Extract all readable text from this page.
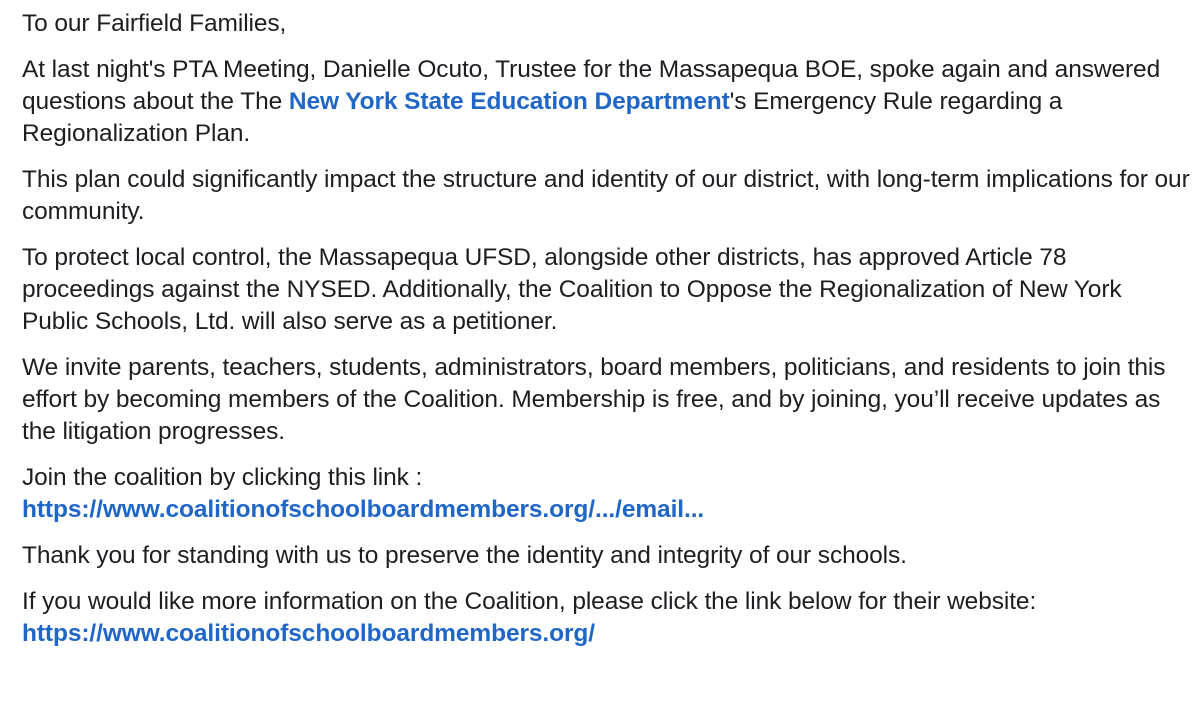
To our Fairfield Families,

At last night's PTA Meeting, Danielle Ocuto, Trustee for the Massapequa BOE, spoke again and answered questions about the The New York State Education Department's Emergency Rule regarding a Regionalization Plan.

This plan could significantly impact the structure and identity of our district, with long-term implications for our community.

To protect local control, the Massapequa UFSD, alongside other districts, has approved Article 78 proceedings against the NYSED. Additionally, the Coalition to Oppose the Regionalization of New York Public Schools, Ltd. will also serve as a petitioner.

We invite parents, teachers, students, administrators, board members, politicians, and residents to join this effort by becoming members of the Coalition. Membership is free, and by joining, you’ll receive updates as the litigation progresses.

Join the coalition by clicking this link :
https://www.coalitionofschoolboardmembers.org/.../email...

Thank you for standing with us to preserve the identity and integrity of our schools.

If you would like more information on the Coalition, please click the link below for their website:
https://www.coalitionofschoolboardmembers.org/
